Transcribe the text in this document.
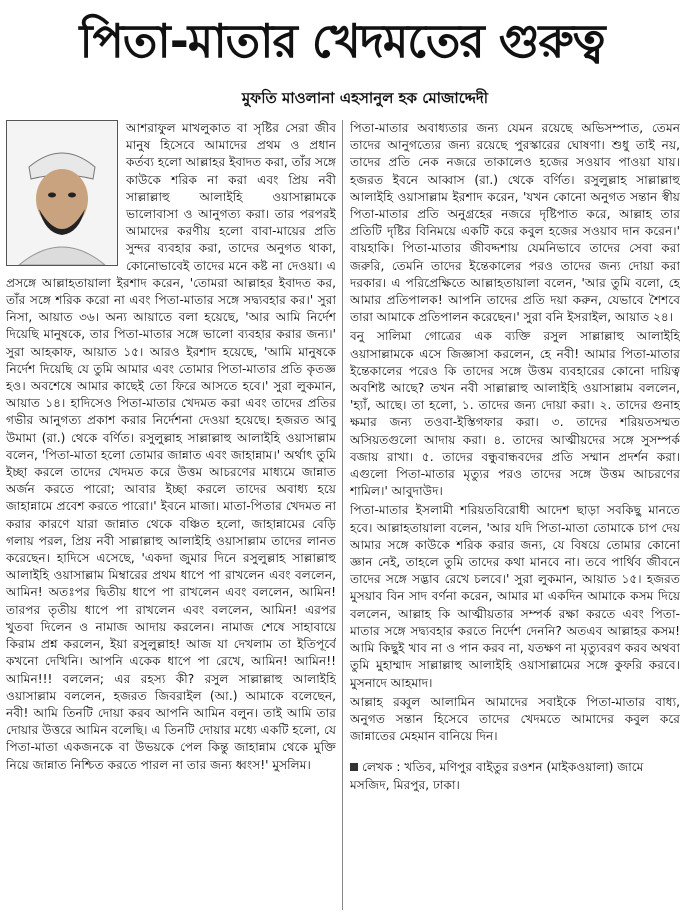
পিতা-মাতার খেদমতের গুরুত্ব
মুফতি মাওলানা এহসানুল হক মোজাদ্দেদী

আশরাফুল মাখলুকাত বা সৃষ্টির সেরা জীব মানুষ হিসেবে আমাদের প্রথম ও প্রধান কর্তব্য হলো আল্লাহর ইবাদত করা, তাঁর সঙ্গে কাউকে শরিক না করা এবং প্রিয় নবী সাল্লাল্লাহু আলাইহি ওয়াসাল্লামকে ভালোবাসা ও আনুগত্য করা। তার পরপরই আমাদের করণীয় হলো বাবা-মায়ের প্রতি সুন্দর ব্যবহার করা, তাদের অনুগত থাকা, কোনোভাবেই তাদের মনে কষ্ট না দেওয়া। এ প্রসঙ্গে আল্লাহতায়ালা ইরশাদ করেন, 'তোমরা আল্লাহর ইবাদত কর, তাঁর সঙ্গে শরিক করো না এবং পিতা-মাতার সঙ্গে সদ্ব্যবহার কর।' সুরা নিসা, আয়াত ৩৬। অন্য আয়াতে বলা হয়েছে, 'আর আমি নির্দেশ দিয়েছি মানুষকে, তার পিতা-মাতার সঙ্গে ভালো ব্যবহার করার জন্য।' সুরা আহকাফ, আয়াত ১৫। আরও ইরশাদ হয়েছে, 'আমি মানুষকে নির্দেশ দিয়েছি যে তুমি আমার এবং তোমার পিতা-মাতার প্রতি কৃতজ্ঞ হও। অবশেষে আমার কাছেই তো ফিরে আসতে হবে।' সুরা লুকমান, আয়াত ১৪। হাদিসেও পিতা-মাতার খেদমত করা এবং তাদের প্রতির গভীর আনুগত্য প্রকাশ করার নির্দেশনা দেওয়া হয়েছে। হজরত আবু উমামা (রা.) থেকে বর্ণিত। রসুলুল্লাহ সাল্লাল্লাহু আলাইহি ওয়াসাল্লাম বলেন, 'পিতা-মাতা হলো তোমার জান্নাত এবং জাহান্নাম।' অর্থাৎ তুমি ইচ্ছা করলে তাদের খেদমত করে উত্তম আচরণের মাধ্যমে জান্নাত অর্জন করতে পারো; আবার ইচ্ছা করলে তাদের অবাধ্য হয়ে জাহান্নামে প্রবেশ করতে পারো।' ইবনে মাজা। মাতা-পিতার খেদমত না করার কারণে যারা জান্নাত থেকে বঞ্চিত হলো, জাহান্নামের বেড়ি গলায় পরল, প্রিয় নবী সাল্লাল্লাহু আলাইহি ওয়াসাল্লাম তাদের লানত করেছেন। হাদিসে এসেছে, 'একদা জুমার দিনে রসুলুল্লাহ সাল্লাল্লাহু আলাইহি ওয়াসাল্লাম মিম্বারের প্রথম ধাপে পা রাখলেন এবং বললেন, আমিন! অতঃপর দ্বিতীয় ধাপে পা রাখলেন এবং বললেন, আমিন! তারপর তৃতীয় ধাপে পা রাখলেন এবং বললেন, আমিন! এরপর খুতবা দিলেন ও নামাজ আদায় করলেন। নামাজ শেষে সাহাবায়ে কিরাম প্রশ্ন করলেন, ইয়া রসুলুল্লাহ! আজ যা দেখলাম তা ইতিপূর্বে কখনো দেখিনি। আপনি একেক ধাপে পা রেখে, আমিন! আমিন!! আমিন!!! বললেন; এর রহস্য কী? রসুল সাল্লাল্লাহু আলাইহি ওয়াসাল্লাম বললেন, হজরত জিবরাইল (আ.) আমাকে বলেছেন, নবী! আমি তিনটি দোয়া করব আপনি আমিন বলুন। তাই আমি তার দোয়ার উত্তরে আমিন বলেছি। এ তিনটি দোয়ার মধ্যে একটি হলো, যে পিতা-মাতা একজনকে বা উভয়কে পেল কিন্তু জাহান্নাম থেকে মুক্তি নিয়ে জান্নাত নিশ্চিত করতে পারল না তার জন্য ধ্বংস!' মুসলিম।

পিতা-মাতার অবাধ্যতার জন্য যেমন রয়েছে অভিসম্পাত, তেমন তাদের আনুগত্যের জন্য রয়েছে পুরস্কারের ঘোষণা। শুধু তাই নয়, তাদের প্রতি নেক নজরে তাকালেও হজের সওয়াব পাওয়া যায়। হজরত ইবনে আব্বাস (রা.) থেকে বর্ণিত। রসুলুল্লাহ সাল্লাল্লাহু আলাইহি ওয়াসাল্লাম ইরশাদ করেন, 'যখন কোনো অনুগত সন্তান স্বীয় পিতা-মাতার প্রতি অনুগ্রহের নজরে দৃষ্টিপাত করে, আল্লাহ তার প্রতিটি দৃষ্টির বিনিময়ে একটি করে কবুল হজের সওয়াব দান করেন।' বায়হাকি। পিতা-মাতার জীবদ্দশায় যেমনিভাবে তাদের সেবা করা জরুরি, তেমনি তাদের ইন্তেকালের পরও তাদের জন্য দোয়া করা দরকার। এ পরিপ্রেক্ষিতে আল্লাহতায়ালা বলেন, 'আর তুমি বলো, হে আমার প্রতিপালক! আপনি তাদের প্রতি দয়া করুন, যেভাবে শৈশবে তারা আমাকে প্রতিপালন করেছেন।' সুরা বনি ইসরাইল, আয়াত ২৪।

বনু সালিমা গোত্রের এক ব্যক্তি রসুল সাল্লাল্লাহু আলাইহি ওয়াসাল্লামকে এসে জিজ্ঞাসা করলেন, হে নবী! আমার পিতা-মাতার ইন্তেকালের পরেও কি তাদের সঙ্গে উত্তম ব্যবহারের কোনো দায়িত্ব অবশিষ্ট আছে? তখন নবী সাল্লাল্লাহু আলাইহি ওয়াসাল্লাম বললেন, 'হ্যাঁ, আছে। তা হলো, ১. তাদের জন্য দোয়া করা। ২. তাদের গুনাহ ক্ষমার জন্য তওবা-ইস্তিগফার করা। ৩. তাদের শরিয়তসম্মত অসিয়তগুলো আদায় করা। ৪. তাদের আত্মীয়দের সঙ্গে সুসম্পর্ক বজায় রাখা। ৫. তাদের বন্ধুবান্ধবদের প্রতি সম্মান প্রদর্শন করা। এগুলো পিতা-মাতার মৃত্যুর পরও তাদের সঙ্গে উত্তম আচরণের শামিল।' আবুদাউদ।

পিতা-মাতার ইসলামী শরিয়তবিরোধী আদেশ ছাড়া সবকিছু মানতে হবে। আল্লাহতায়ালা বলেন, 'আর যদি পিতা-মাতা তোমাকে চাপ দেয় আমার সঙ্গে কাউকে শরিক করার জন্য, যে বিষয়ে তোমার কোনো জ্ঞান নেই, তাহলে তুমি তাদের কথা মানবে না। তবে পার্থিব জীবনে তাদের সঙ্গে সদ্ভাব রেখে চলবে।' সুরা লুকমান, আয়াত ১৫। হজরত মুসয়াব বিন সাদ বর্ণনা করেন, আমার মা একদিন আমাকে কসম দিয়ে বললেন, আল্লাহ কি আত্মীয়তার সম্পর্ক রক্ষা করতে এবং পিতা-মাতার সঙ্গে সদ্ব্যবহার করতে নির্দেশ দেননি? অতএব আল্লাহর কসম! আমি কিছুই খাব না ও পান করব না, যতক্ষণ না মৃত্যুবরণ করব অথবা তুমি মুহাম্মাদ সাল্লাল্লাহু আলাইহি ওয়াসাল্লামের সঙ্গে কুফরি করবে। মুসনাদে আহমাদ।

আল্লাহ রব্বুল আলামিন আমাদের সবাইকে পিতা-মাতার বাধ্য, অনুগত সন্তান হিসেবে তাদের খেদমতে আমাদের কবুল করে জান্নাতের মেহমান বানিয়ে দিন।

লেখক : খতিব, মণিপুর বাইতুর রওশন (মাইকওয়ালা) জামে মসজিদ, মিরপুর, ঢাকা।
